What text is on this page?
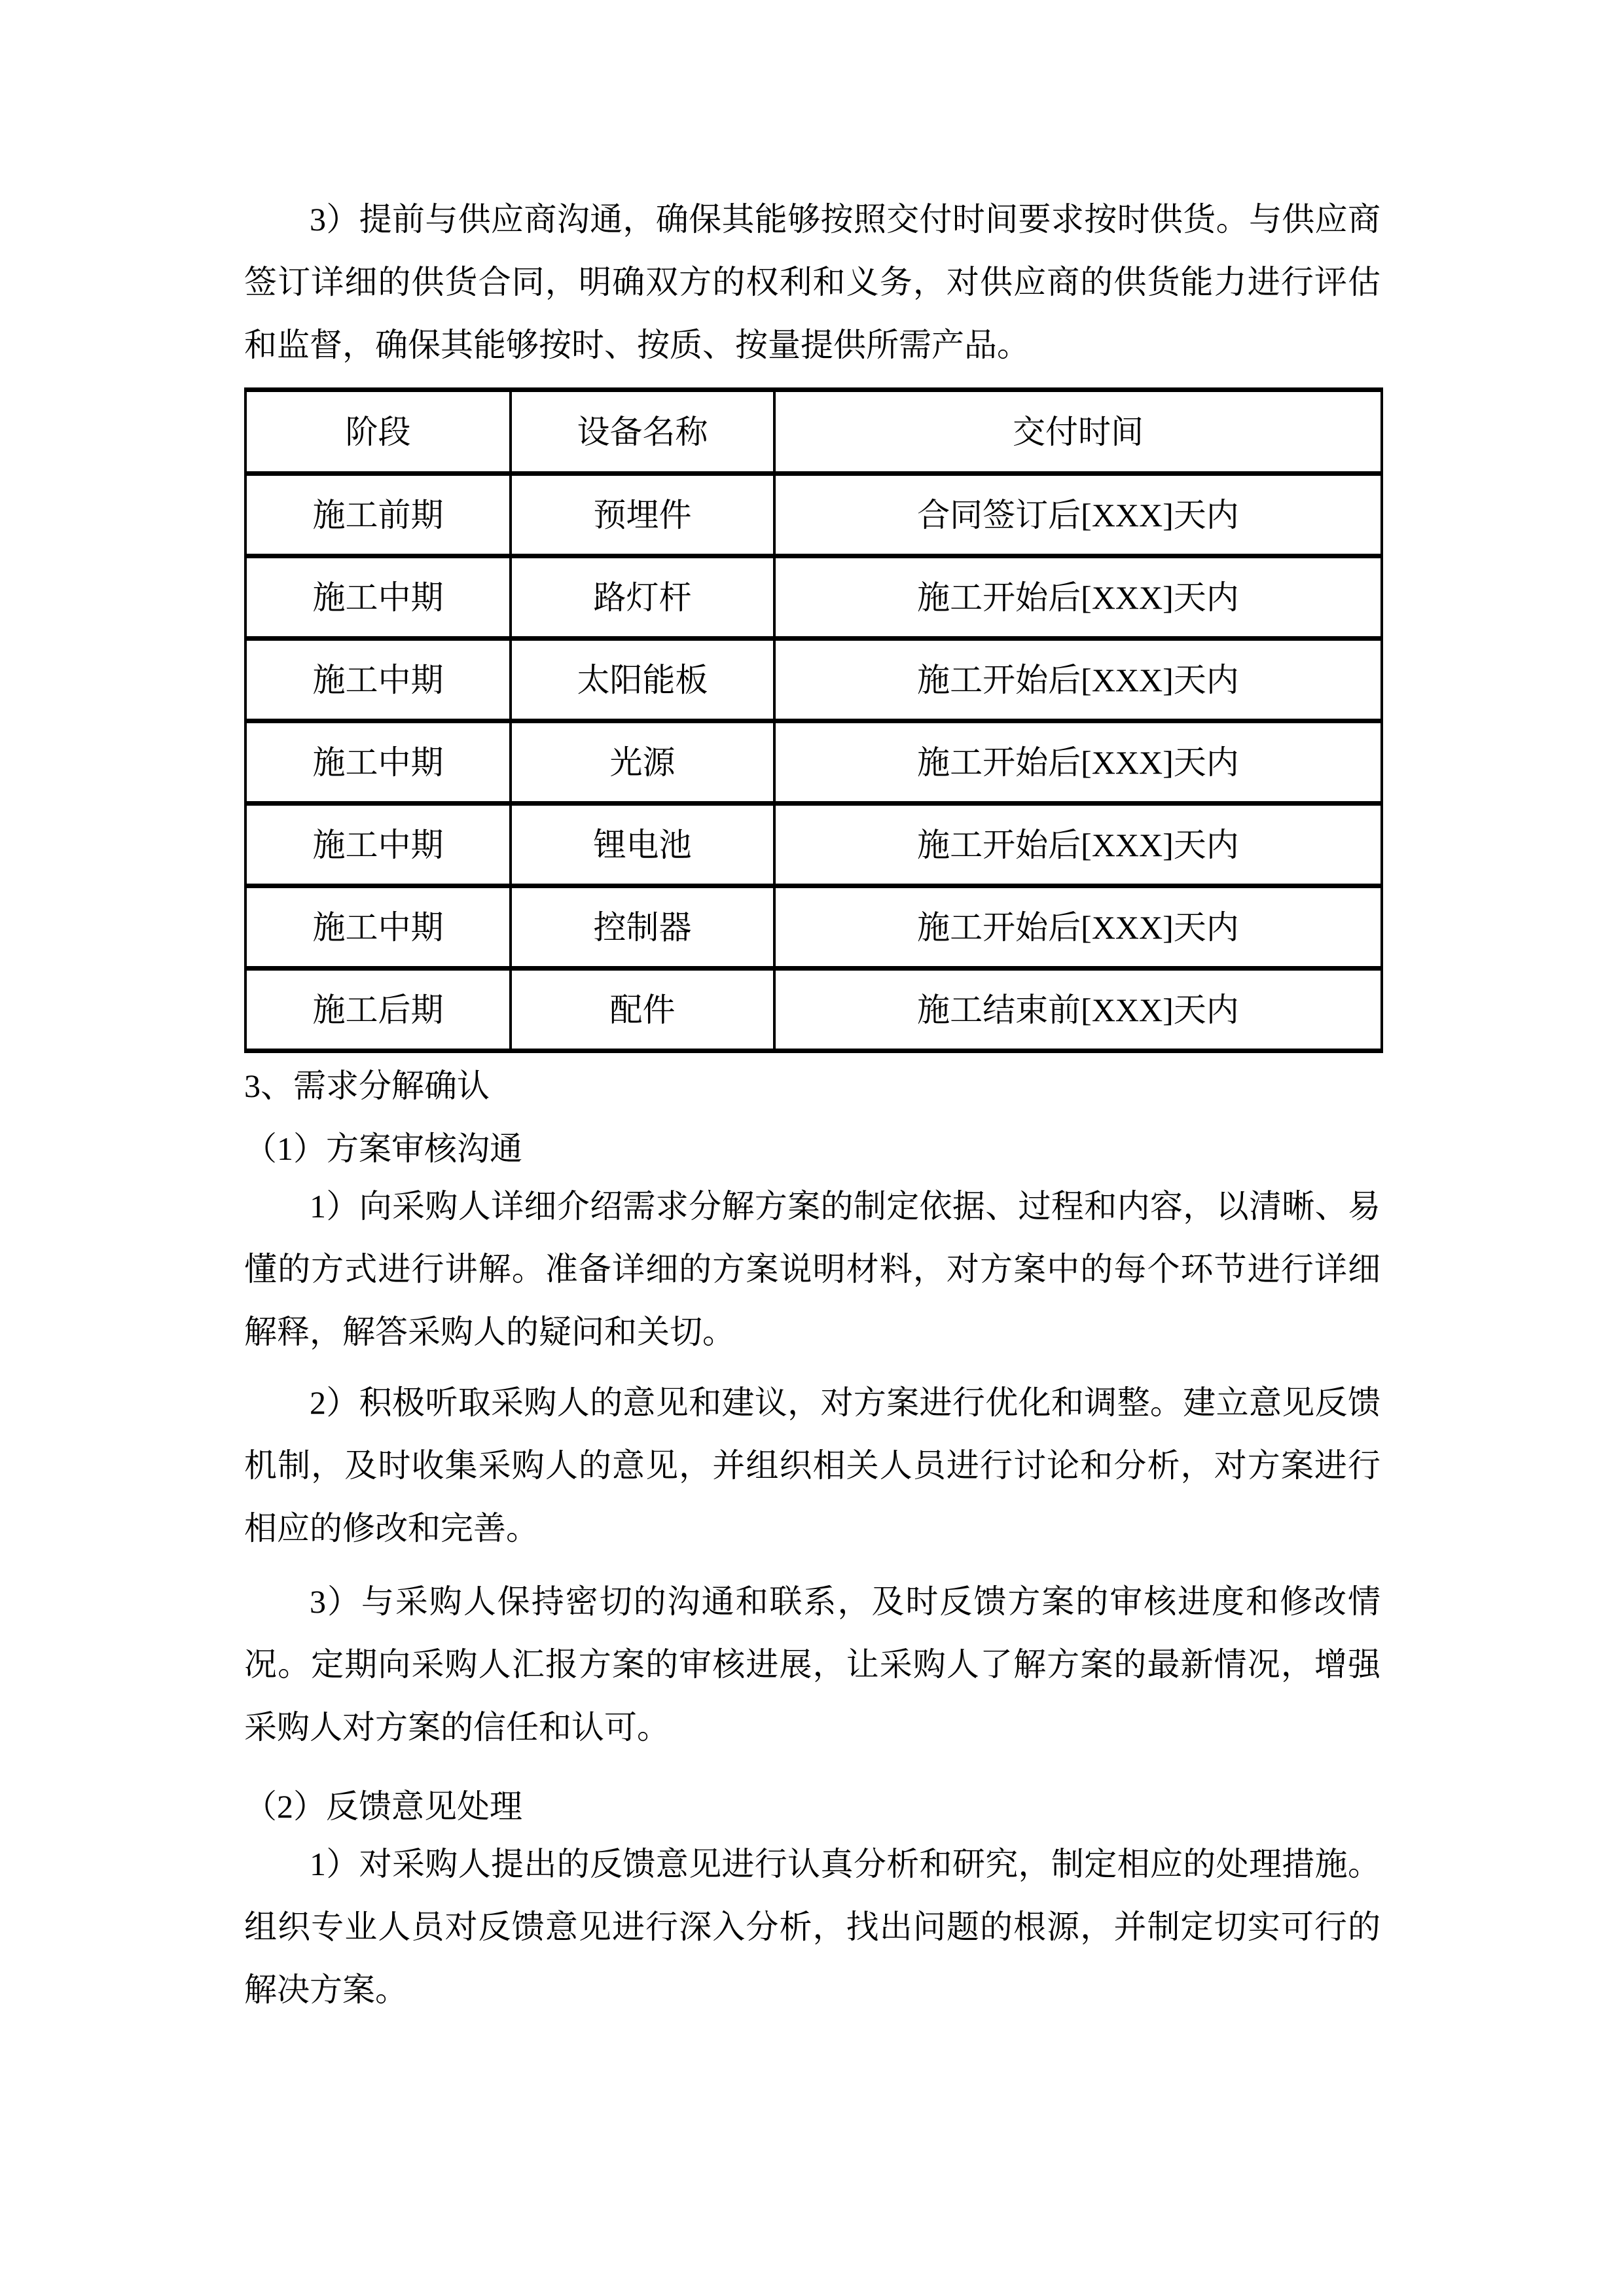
3）提前与供应商沟通，确保其能够按照交付时间要求按时供货。与供应商签订详细的供货合同，明确双方的权利和义务，对供应商的供货能力进行评估和监督，确保其能够按时、按质、按量提供所需产品。

阶段	设备名称	交付时间
施工前期	预埋件	合同签订后[XXX]天内
施工中期	路灯杆	施工开始后[XXX]天内
施工中期	太阳能板	施工开始后[XXX]天内
施工中期	光源	施工开始后[XXX]天内
施工中期	锂电池	施工开始后[XXX]天内
施工中期	控制器	施工开始后[XXX]天内
施工后期	配件	施工结束前[XXX]天内
3、需求分解确认
（1）方案审核沟通

1）向采购人详细介绍需求分解方案的制定依据、过程和内容，以清晰、易懂的方式进行讲解。准备详细的方案说明材料，对方案中的每个环节进行详细解释，解答采购人的疑问和关切。

2）积极听取采购人的意见和建议，对方案进行优化和调整。建立意见反馈机制，及时收集采购人的意见，并组织相关人员进行讨论和分析，对方案进行相应的修改和完善。

3）与采购人保持密切的沟通和联系，及时反馈方案的审核进度和修改情况。定期向采购人汇报方案的审核进展，让采购人了解方案的最新情况，增强采购人对方案的信任和认可。

（2）反馈意见处理

1）对采购人提出的反馈意见进行认真分析和研究，制定相应的处理措施。组织专业人员对反馈意见进行深入分析，找出问题的根源，并制定切实可行的解决方案。
